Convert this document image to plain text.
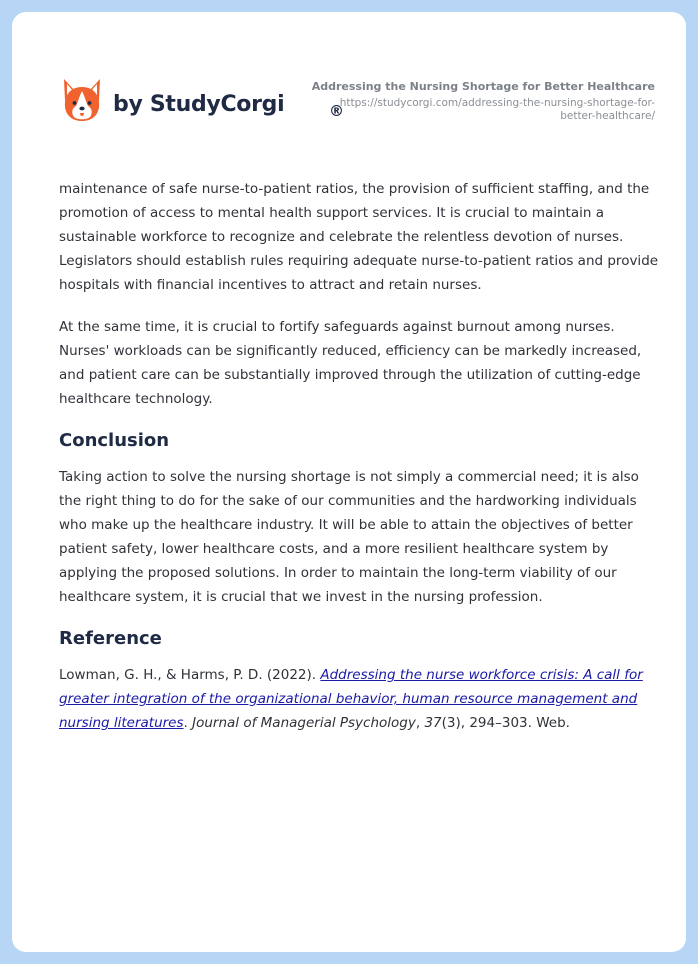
by StudyCorgi	®
Addressing the Nursing Shortage for Better Healthcare
https://studycorgi.com/addressing-the-nursing-shortage-for-
better-healthcare/

maintenance of safe nurse-to-patient ratios, the provision of sufficient staffing, and the promotion of access to mental health support services. It is crucial to maintain a sustainable workforce to recognize and celebrate the relentless devotion of nurses. Legislators should establish rules requiring adequate nurse-to-patient ratios and provide hospitals with financial incentives to attract and retain nurses.

At the same time, it is crucial to fortify safeguards against burnout among nurses. Nurses' workloads can be significantly reduced, efficiency can be markedly increased, and patient care can be substantially improved through the utilization of cutting-edge healthcare technology.

Conclusion

Taking action to solve the nursing shortage is not simply a commercial need; it is also the right thing to do for the sake of our communities and the hardworking individuals who make up the healthcare industry. It will be able to attain the objectives of better patient safety, lower healthcare costs, and a more resilient healthcare system by applying the proposed solutions. In order to maintain the long-term viability of our healthcare system, it is crucial that we invest in the nursing profession.

Reference

Lowman, G. H., & Harms, P. D. (2022). Addressing the nurse workforce crisis: A call for greater integration of the organizational behavior, human resource management and nursing literatures. Journal of Managerial Psychology, 37(3), 294–303. Web.
